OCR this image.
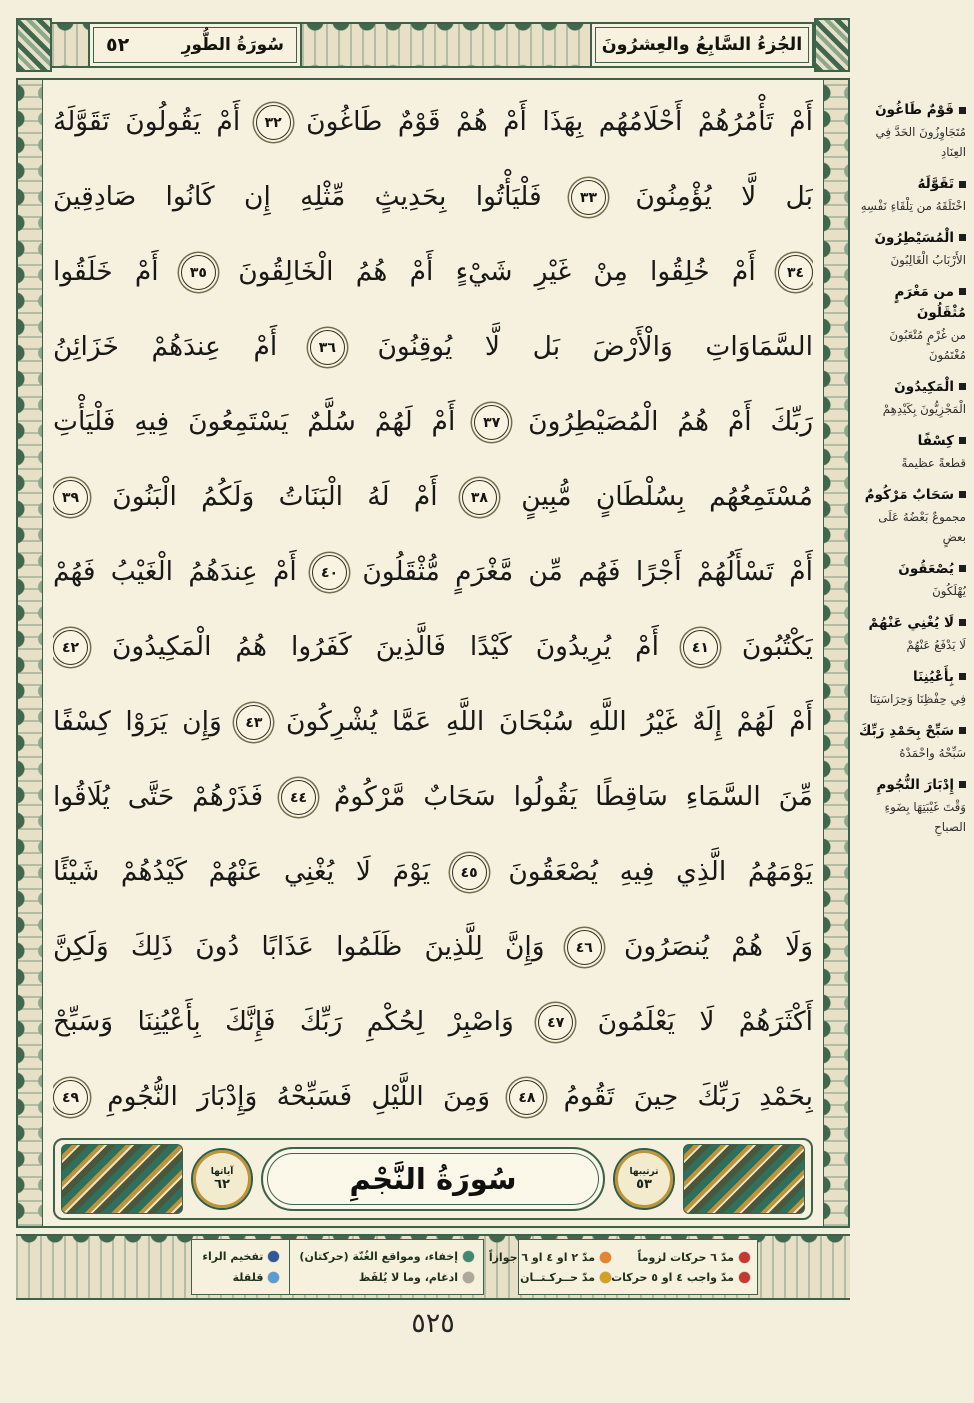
قَوْمٌ طَاغُونَ
مُتَجَاوِزُونَ الحَدَّ فِي العِنَادِ
تَقَوَّلَهُ
اخْتَلَقَهُ من تِلْقَاءِ نَفْسِهِ
الْمُسَيْطِرُونَ
الأَرْبَابُ الْغَالِبُونَ
من مَغْرَمٍ مُثْقَلُونَ
من غُرْمٍ مُتْعَبُونَ مُغْتَمُونَ
الْمَكِيدُونَ
الْمَجْزِيُّونَ بِكَيْدِهِمْ
كِسْفًا
قطعةً عظيمةً
سَحَابٌ مَرْكُومٌ
مجموعٌ بَعْضُهُ عَلَى بعضٍ
يُصْعَقُونَ
يُهْلَكُونَ
لَا يُغْنِي عَنْهُمْ
لَا يَدْفَعُ عَنْهُمْ
بِأَعْيُنِنَا
فِي حِفْظِنَا وَحِرَاسَتِنَا
سَبِّحْ بِحَمْدِ رَبِّكَ
سَبِّحْهُ واحْمَدْهُ
إِدْبَارَ النُّجُومِ
وَقْتَ غَيْبَتِهَا بِضَوءِ الصباحِ
الجُزءُ السَّابِعُ والعِشرُونَ
سُورَةُ الطُّورِ
٥٢
أَمْ تَأْمُرُهُمْ أَحْلَامُهُم بِهَذَا أَمْ هُمْ قَوْمٌ طَاغُونَ
٣٢
أَمْ يَقُولُونَ تَقَوَّلَهُ
بَل لَّا يُؤْمِنُونَ
٣٣
فَلْيَأْتُوا بِحَدِيثٍ مِّثْلِهِ إِن كَانُوا صَادِقِينَ
٣٤
أَمْ خُلِقُوا مِنْ غَيْرِ شَيْءٍ أَمْ هُمُ الْخَالِقُونَ
٣٥
أَمْ خَلَقُوا
السَّمَاوَاتِ وَالْأَرْضَ بَل لَّا يُوقِنُونَ
٣٦
أَمْ عِندَهُمْ خَزَائِنُ
رَبِّكَ أَمْ هُمُ الْمُصَيْطِرُونَ
٣٧
أَمْ لَهُمْ سُلَّمٌ يَسْتَمِعُونَ فِيهِ فَلْيَأْتِ
مُسْتَمِعُهُم بِسُلْطَانٍ مُّبِينٍ
٣٨
أَمْ لَهُ الْبَنَاتُ وَلَكُمُ الْبَنُونَ
٣٩
أَمْ تَسْأَلُهُمْ أَجْرًا فَهُم مِّن مَّغْرَمٍ مُّثْقَلُونَ
٤٠
أَمْ عِندَهُمُ الْغَيْبُ فَهُمْ
يَكْتُبُونَ
٤١
أَمْ يُرِيدُونَ كَيْدًا فَالَّذِينَ كَفَرُوا هُمُ الْمَكِيدُونَ
٤٢
أَمْ لَهُمْ إِلَهٌ غَيْرُ اللَّهِ سُبْحَانَ اللَّهِ عَمَّا يُشْرِكُونَ
٤٣
وَإِن يَرَوْا كِسْفًا
مِّنَ السَّمَاءِ سَاقِطًا يَقُولُوا سَحَابٌ مَّرْكُومٌ
٤٤
فَذَرْهُمْ حَتَّى يُلَاقُوا
يَوْمَهُمُ الَّذِي فِيهِ يُصْعَقُونَ
٤٥
يَوْمَ لَا يُغْنِي عَنْهُمْ كَيْدُهُمْ شَيْئًا
وَلَا هُمْ يُنصَرُونَ
٤٦
وَإِنَّ لِلَّذِينَ ظَلَمُوا عَذَابًا دُونَ ذَلِكَ وَلَكِنَّ
أَكْثَرَهُمْ لَا يَعْلَمُونَ
٤٧
وَاصْبِرْ لِحُكْمِ رَبِّكَ فَإِنَّكَ بِأَعْيُنِنَا وَسَبِّحْ
بِحَمْدِ رَبِّكَ حِينَ تَقُومُ
٤٨
وَمِنَ اللَّيْلِ فَسَبِّحْهُ وَإِدْبَارَ النُّجُومِ
٤٩
ترتيبها
٥٣
سُورَةُ النَّجْمِ
آياتها
٦٢
مدّ ٦ حركات لزوماً
مدّ ٢ او ٤ او ٦ جوازاً
مدّ واجب ٤ او ٥ حركات
مدّ حــركـتــان
إخفاء، ومواقع الغُنّة (حركتان)
ادغام، وما لا يُلفَظ
تفخيم الراء
قلقلة
٥٢٥
